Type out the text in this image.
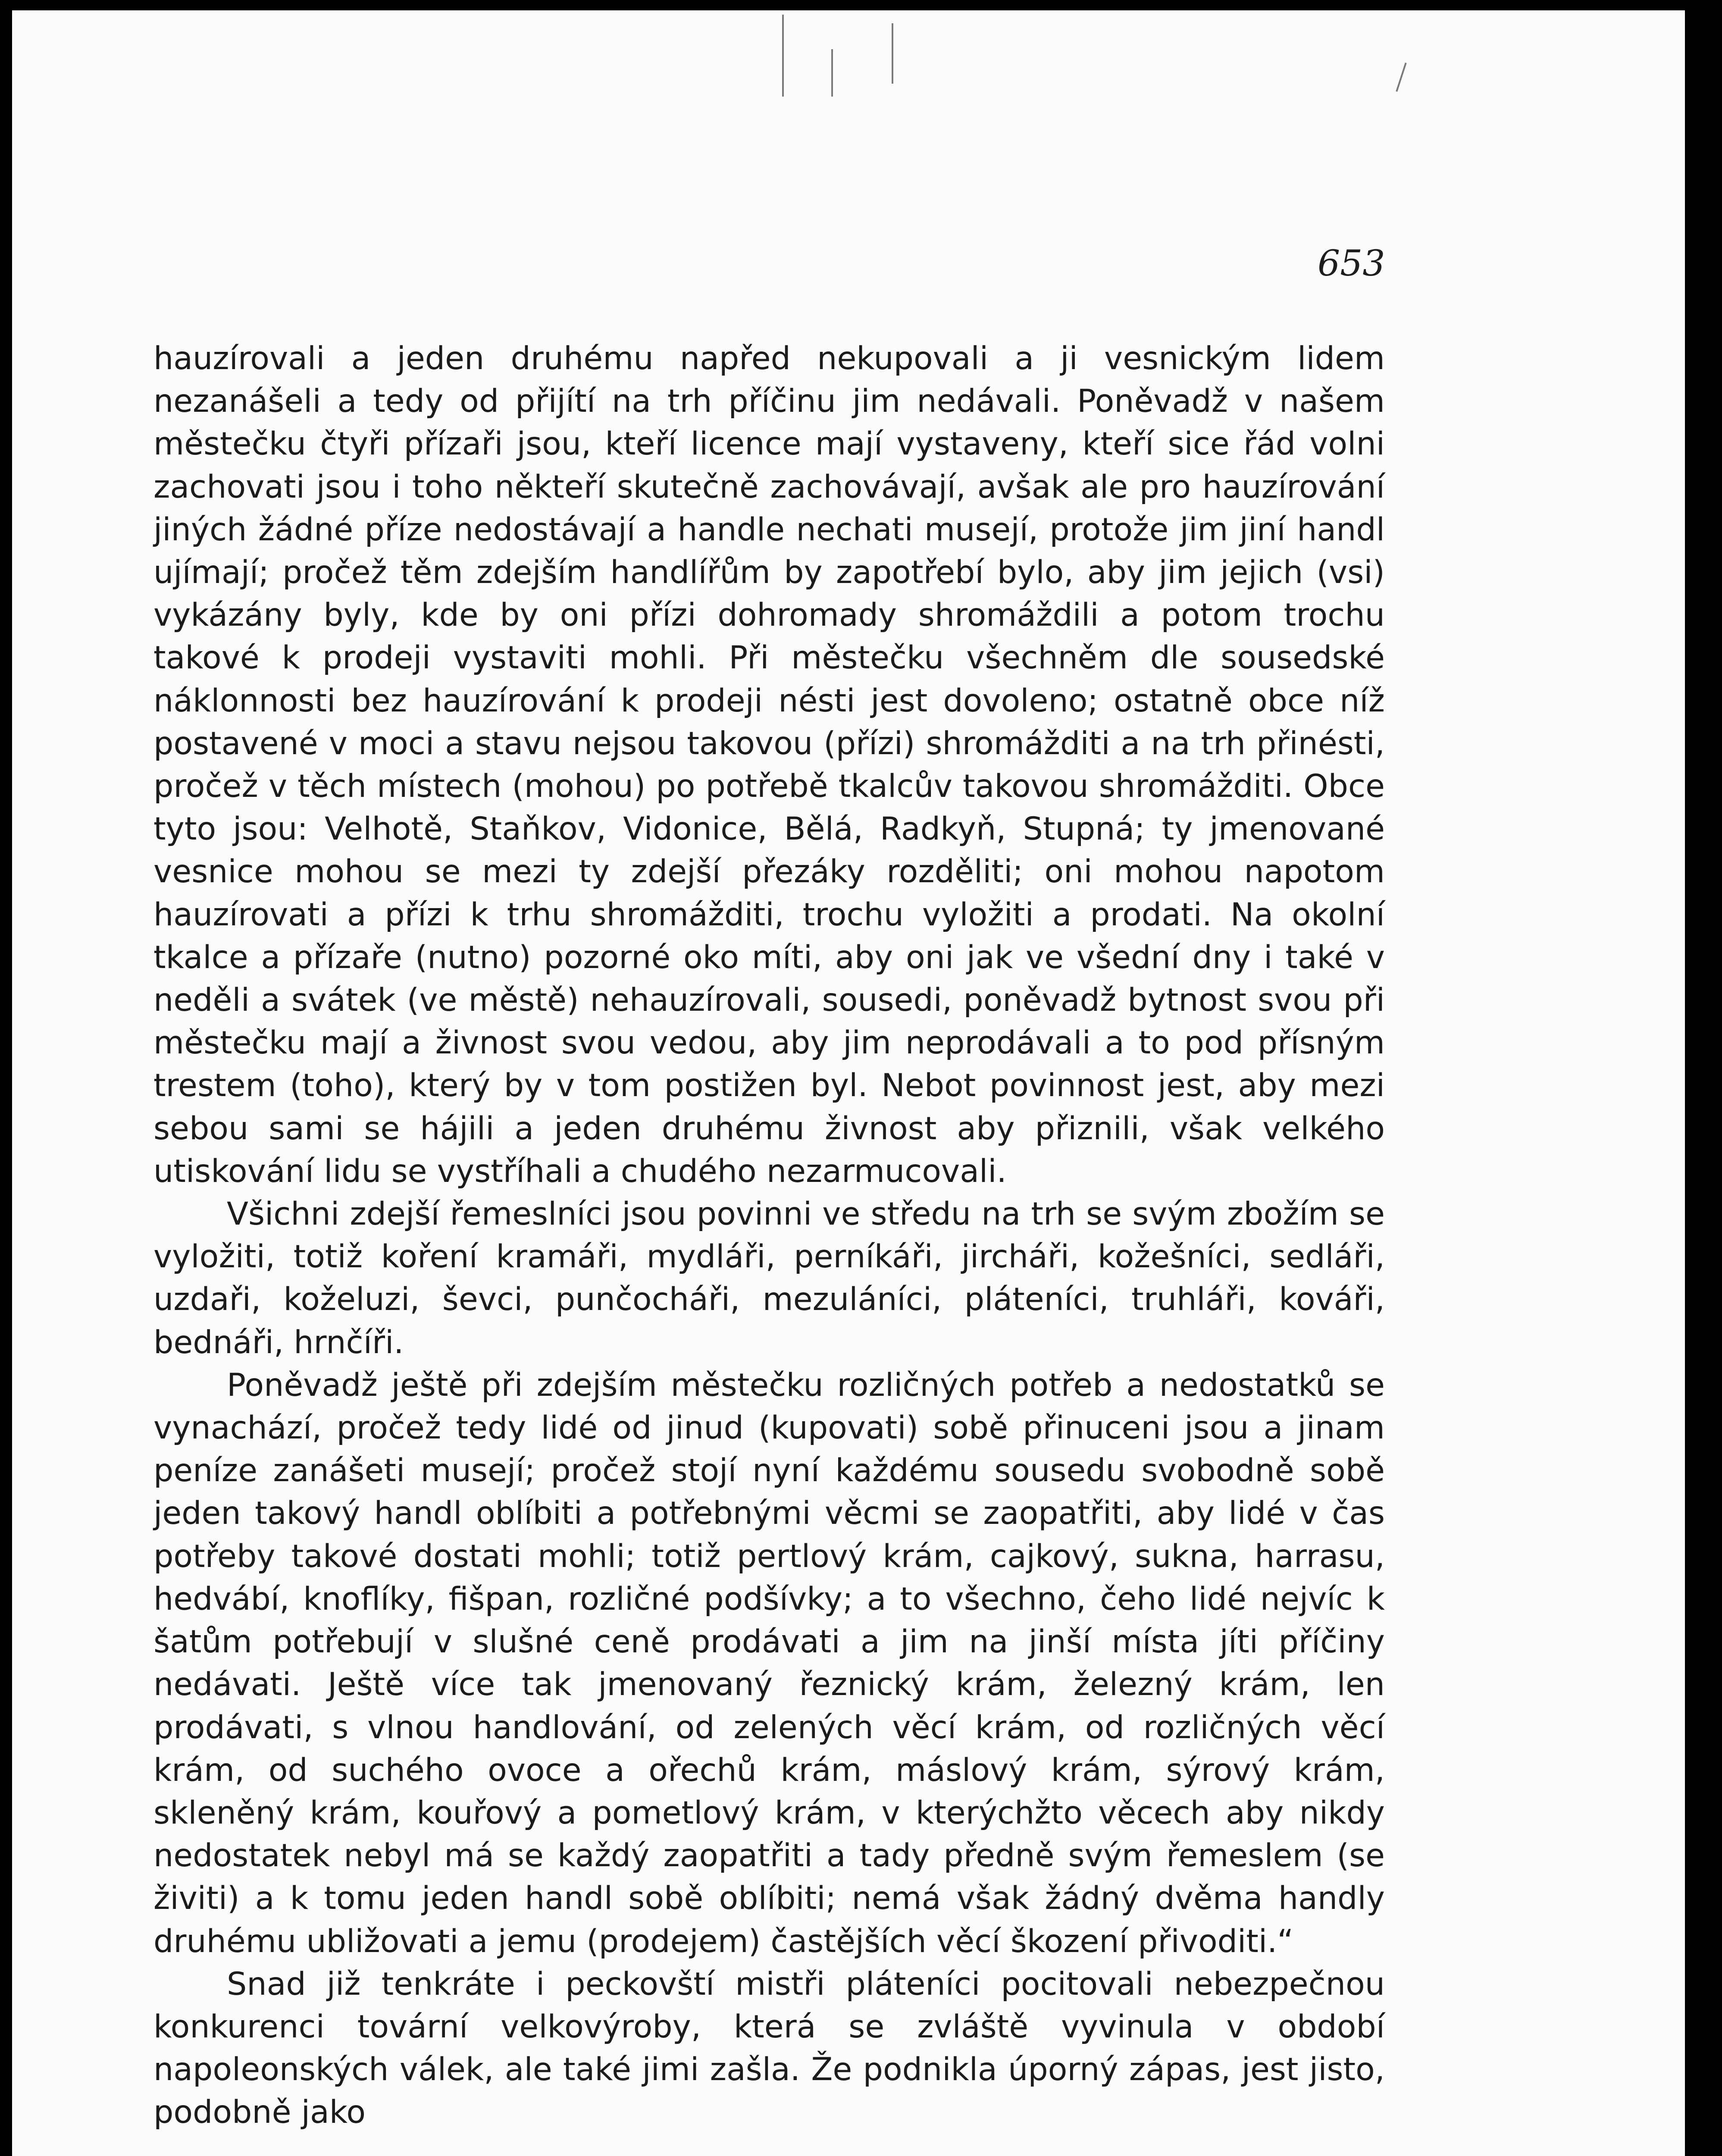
653

hauzírovali a jeden druhému napřed nekupovali a ji vesnickým lidem nezanášeli a tedy od přijítí na trh příčinu jim nedávali. Poněvadž v našem městečku čtyři přízaři jsou, kteří licence mají vystaveny, kteří sice řád volni zachovati jsou i toho někteří skutečně zachovávají, avšak ale pro hauzírování jiných žádné příze nedostávají a handle nechati musejí, protože jim jiní handl ujímají; pročež těm zdejším handlířům by zapotřebí bylo, aby jim jejich (vsi) vykázány byly, kde by oni přízi dohromady shromáždili a potom trochu takové k prodeji vystaviti mohli. Při městečku všechněm dle sousedské náklonnosti bez hauzírování k prodeji nésti jest dovoleno; ostatně obce níž postavené v moci a stavu nejsou takovou (přízi) shromážditi a na trh přinésti, pročež v těch místech (mohou) po potřebě tkalcův takovou shromážditi. Obce tyto jsou: Velhotě, Staňkov, Vidonice, Bělá, Radkyň, Stupná; ty jmenované vesnice mohou se mezi ty zdejší přezáky rozděliti; oni mohou napotom hauzírovati a přízi k trhu shromážditi, trochu vyložiti a prodati. Na okolní tkalce a přízaře (nutno) pozorné oko míti, aby oni jak ve všední dny i také v neděli a svátek (ve městě) nehauzírovali, sousedi, poněvadž bytnost svou při městečku mají a živnost svou vedou, aby jim neprodávali a to pod přísným trestem (toho), který by v tom postižen byl. Nebot povinnost jest, aby mezi sebou sami se hájili a jeden druhému živnost aby přiznili, však velkého utiskování lidu se vystříhali a chudého nezarmucovali.

Všichni zdejší řemeslníci jsou povinni ve středu na trh se svým zbožím se vyložiti, totiž koření kramáři, mydláři, perníkáři, jircháři, kožešníci, sedláři, uzdaři, koželuzi, ševci, punčocháři, mezuláníci, pláteníci, truhláři, kováři, bednáři, hrnčíři.

Poněvadž ještě při zdejším městečku rozličných potřeb a nedostatků se vynachází, pročež tedy lidé od jinud (kupovati) sobě přinuceni jsou a jinam peníze zanášeti musejí; pročež stojí nyní každému sousedu svobodně sobě jeden takový handl oblíbiti a potřebnými věcmi se zaopatřiti, aby lidé v čas potřeby takové dostati mohli; totiž pertlový krám, cajkový, sukna, harrasu, hedvábí, knoflíky, fišpan, rozličné podšívky; a to všechno, čeho lidé nejvíc k šatům potřebují v slušné ceně prodávati a jim na jinší místa jíti příčiny nedávati. Ještě více tak jmenovaný řeznický krám, železný krám, len prodávati, s vlnou handlování, od zelených věcí krám, od rozličných věcí krám, od suchého ovoce a ořechů krám, máslový krám, sýrový krám, skleněný krám, kouřový a pometlový krám, v kterýchžto věcech aby nikdy nedostatek nebyl má se každý zaopatřiti a tady předně svým řemeslem (se živiti) a k tomu jeden handl sobě oblíbiti; nemá však žádný dvěma handly druhému ubližovati a jemu (prodejem) častějších věcí škození přivoditi.“

Snad již tenkráte i peckovští mistři pláteníci pocitovali nebezpečnou konkurenci tovární velkovýroby, která se zvláště vyvinula v období napoleonských válek, ale také jimi zašla. Že podnikla úporný zápas, jest jisto, podobně jako
